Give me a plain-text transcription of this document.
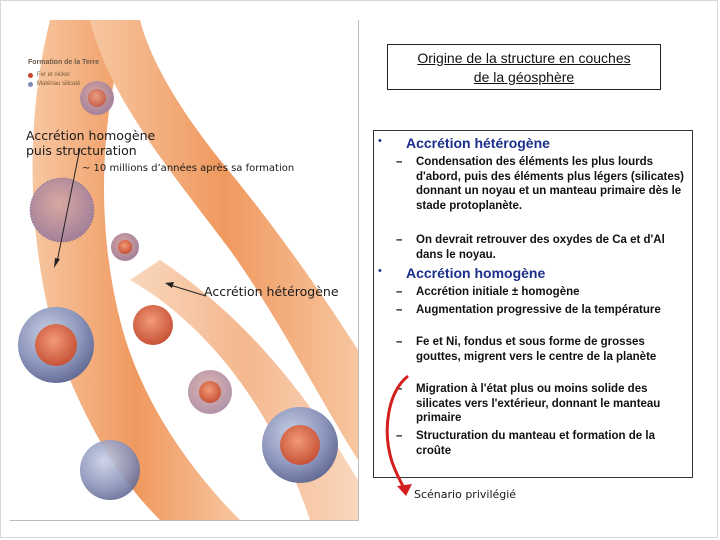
Formation de la Terre
Fer et nickel
Matériau silicaté
Accrétion homogène
puis structuration
~ 10 millions d’années après sa formation
Accrétion hétérogène
Origine de la structure en couches
de la géosphère
• Accrétion hétérogène
– Condensation des éléments les plus lourds d'abord, puis des éléments plus légers (silicates) donnant un noyau et un manteau primaire dès le stade protoplanète.
– On devrait retrouver des oxydes de Ca et d'Al dans le noyau.
• Accrétion homogène
– Accrétion initiale ± homogène
– Augmentation progressive de la température
– Fe et Ni, fondus et sous forme de grosses gouttes, migrent vers le centre de la planète
– Migration à l'état plus ou moins solide des silicates vers l'extérieur, donnant le manteau primaire
– Structuration du manteau et formation de la croûte
Scénario privilégié
